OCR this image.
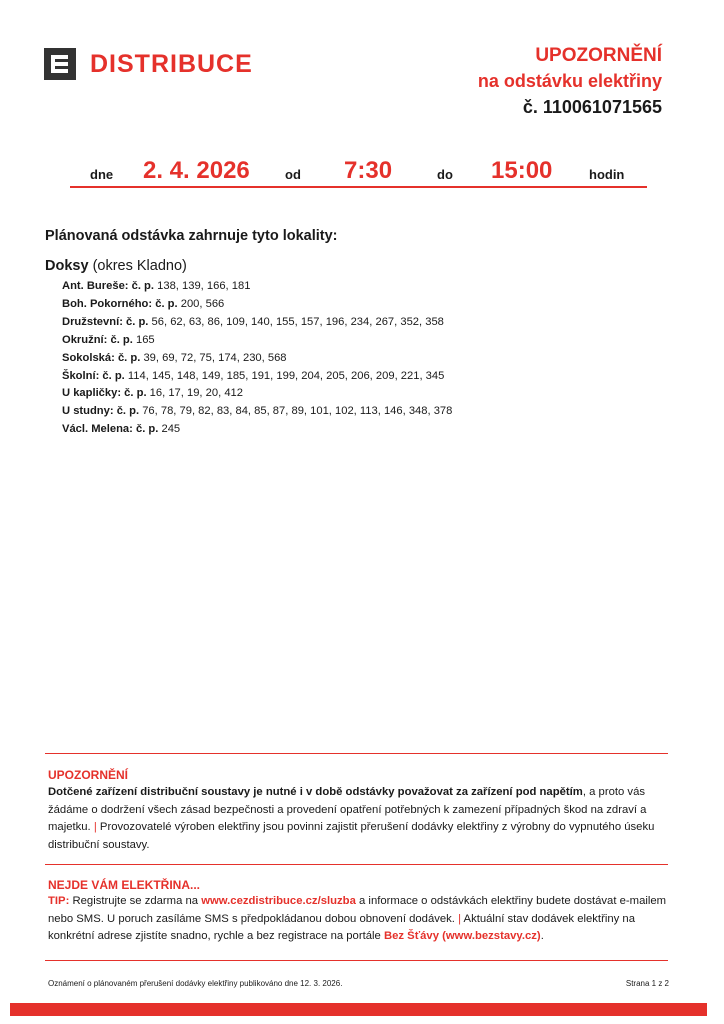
DISTRIBUCE	UPOZORNĚNÍ
na odstávku elektřiny
č. 110061071565
dne 2. 4. 2026	od 7:30	do 15:00	hodin
Plánovaná odstávka zahrnuje tyto lokality:
Doksy (okres Kladno)
Ant. Bureše: č. p. 138, 139, 166, 181
Boh. Pokorného: č. p. 200, 566
Družstevní: č. p. 56, 62, 63, 86, 109, 140, 155, 157, 196, 234, 267, 352, 358
Okružní: č. p. 165
Sokolská: č. p. 39, 69, 72, 75, 174, 230, 568
Školní: č. p. 114, 145, 148, 149, 185, 191, 199, 204, 205, 206, 209, 221, 345
U kapličky: č. p. 16, 17, 19, 20, 412
U studny: č. p. 76, 78, 79, 82, 83, 84, 85, 87, 89, 101, 102, 113, 146, 348, 378
Václ. Melena: č. p. 245
UPOZORNĚNÍ
Dotčené zařízení distribuční soustavy je nutné i v době odstávky považovat za zařízení pod napětím, a proto vás žádáme o dodržení všech zásad bezpečnosti a provedení opatření potřebných k zamezení případných škod na zdraví a majetku. | Provozovatelé výroben elektřiny jsou povinni zajistit přerušení dodávky elektřiny z výrobny do vypnutého úseku distribuční soustavy.
NEJDE VÁM ELEKTŘINA...
TIP: Registrujte se zdarma na www.cezdistribuce.cz/sluzba a informace o odstávkách elektřiny budete dostávat e-mailem nebo SMS. U poruch zasíláme SMS s předpokládanou dobou obnovení dodávek. | Aktuální stav dodávek elektřiny na konkrétní adrese zjistíte snadno, rychle a bez registrace na portále Bez Šťávy (www.bezstavy.cz).
Oznámení o plánovaném přerušení dodávky elektřiny publikováno dne 12. 3. 2026.	Strana 1 z 2
